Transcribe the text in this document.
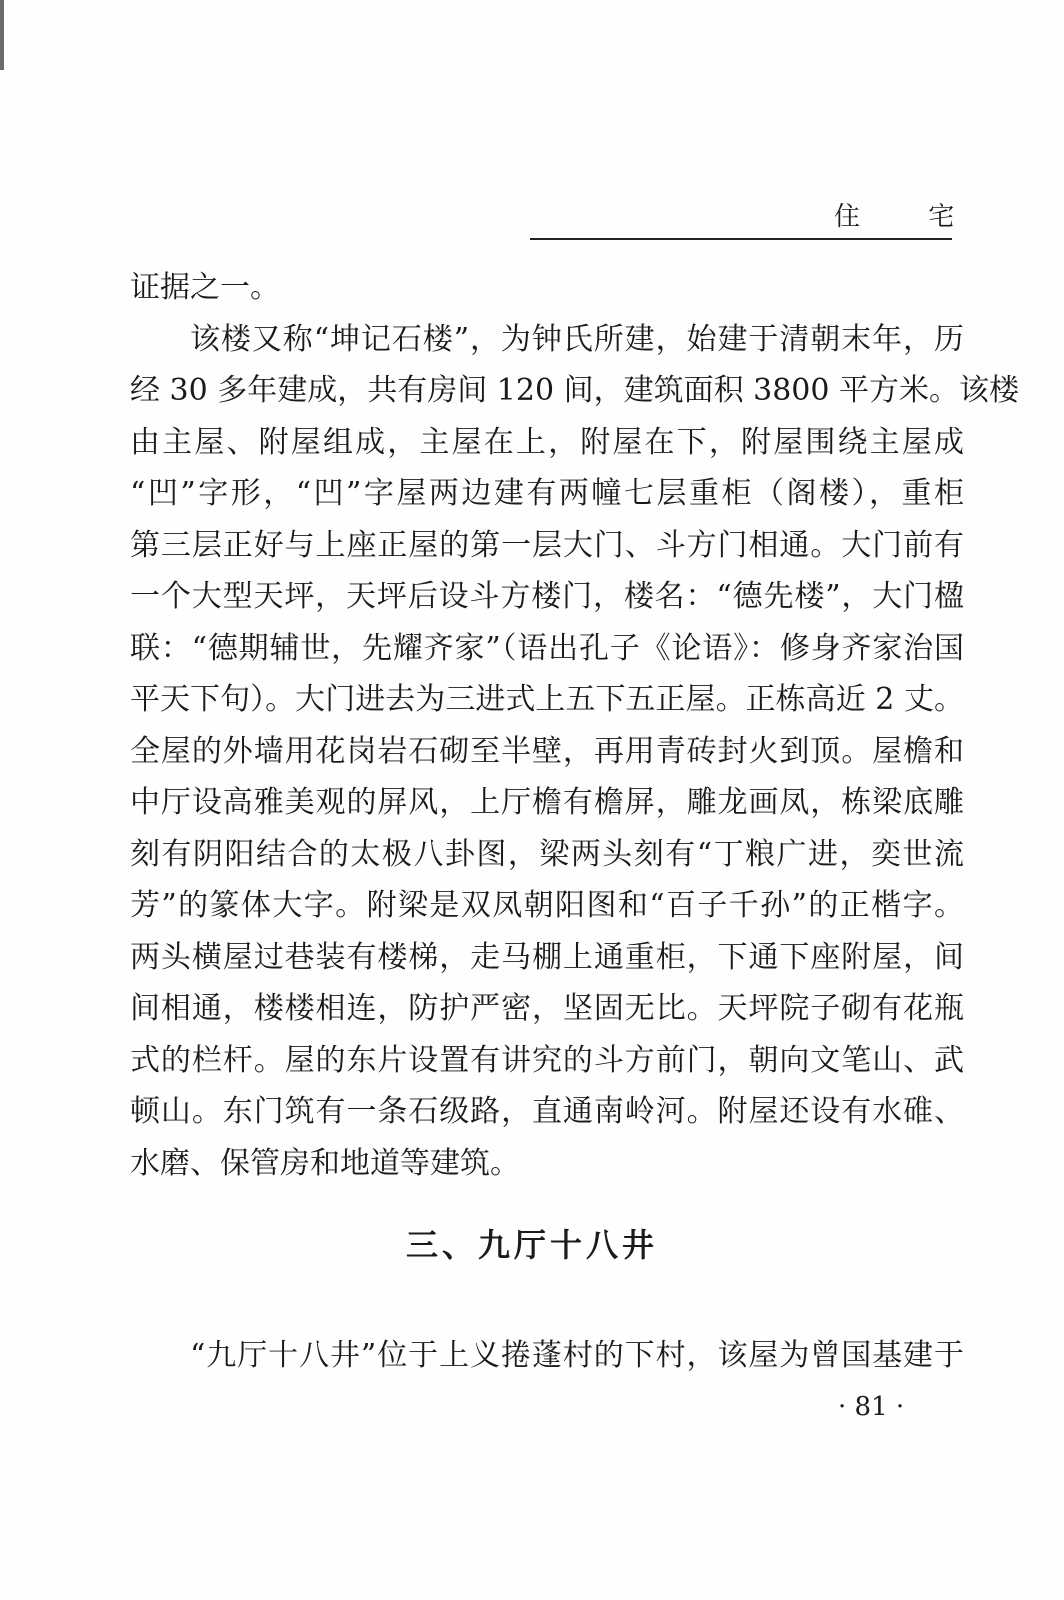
住 宅
证据之一。
该楼又称“坤记石楼”，为钟氏所建，始建于清朝末年，历
经 30 多年建成，共有房间 120 间，建筑面积 3800 平方米。该楼
由主屋、附屋组成，主屋在上，附屋在下，附屋围绕主屋成
“凹”字形，“凹”字屋两边建有两幢七层重柜（阁楼），重柜
第三层正好与上座正屋的第一层大门、斗方门相通。大门前有
一个大型天坪，天坪后设斗方楼门，楼名：“德先楼”，大门楹
联：“德期辅世，先耀齐家”（语出孔子《论语》：修身齐家治国
平天下句）。大门进去为三进式上五下五正屋。正栋高近 2 丈。
全屋的外墙用花岗岩石砌至半壁，再用青砖封火到顶。屋檐和
中厅设高雅美观的屏风，上厅檐有檐屏，雕龙画凤，栋梁底雕
刻有阴阳结合的太极八卦图，梁两头刻有“丁粮广进，奕世流
芳”的篆体大字。附梁是双凤朝阳图和“百子千孙”的正楷字。
两头横屋过巷装有楼梯，走马棚上通重柜，下通下座附屋，间
间相通，楼楼相连，防护严密，坚固无比。天坪院子砌有花瓶
式的栏杆。屋的东片设置有讲究的斗方前门，朝向文笔山、武
顿山。东门筑有一条石级路，直通南岭河。附屋还设有水碓、
水磨、保管房和地道等建筑。
三、九厅十八井
“九厅十八井”位于上义捲蓬村的下村，该屋为曾国基建于
· 81 ·
